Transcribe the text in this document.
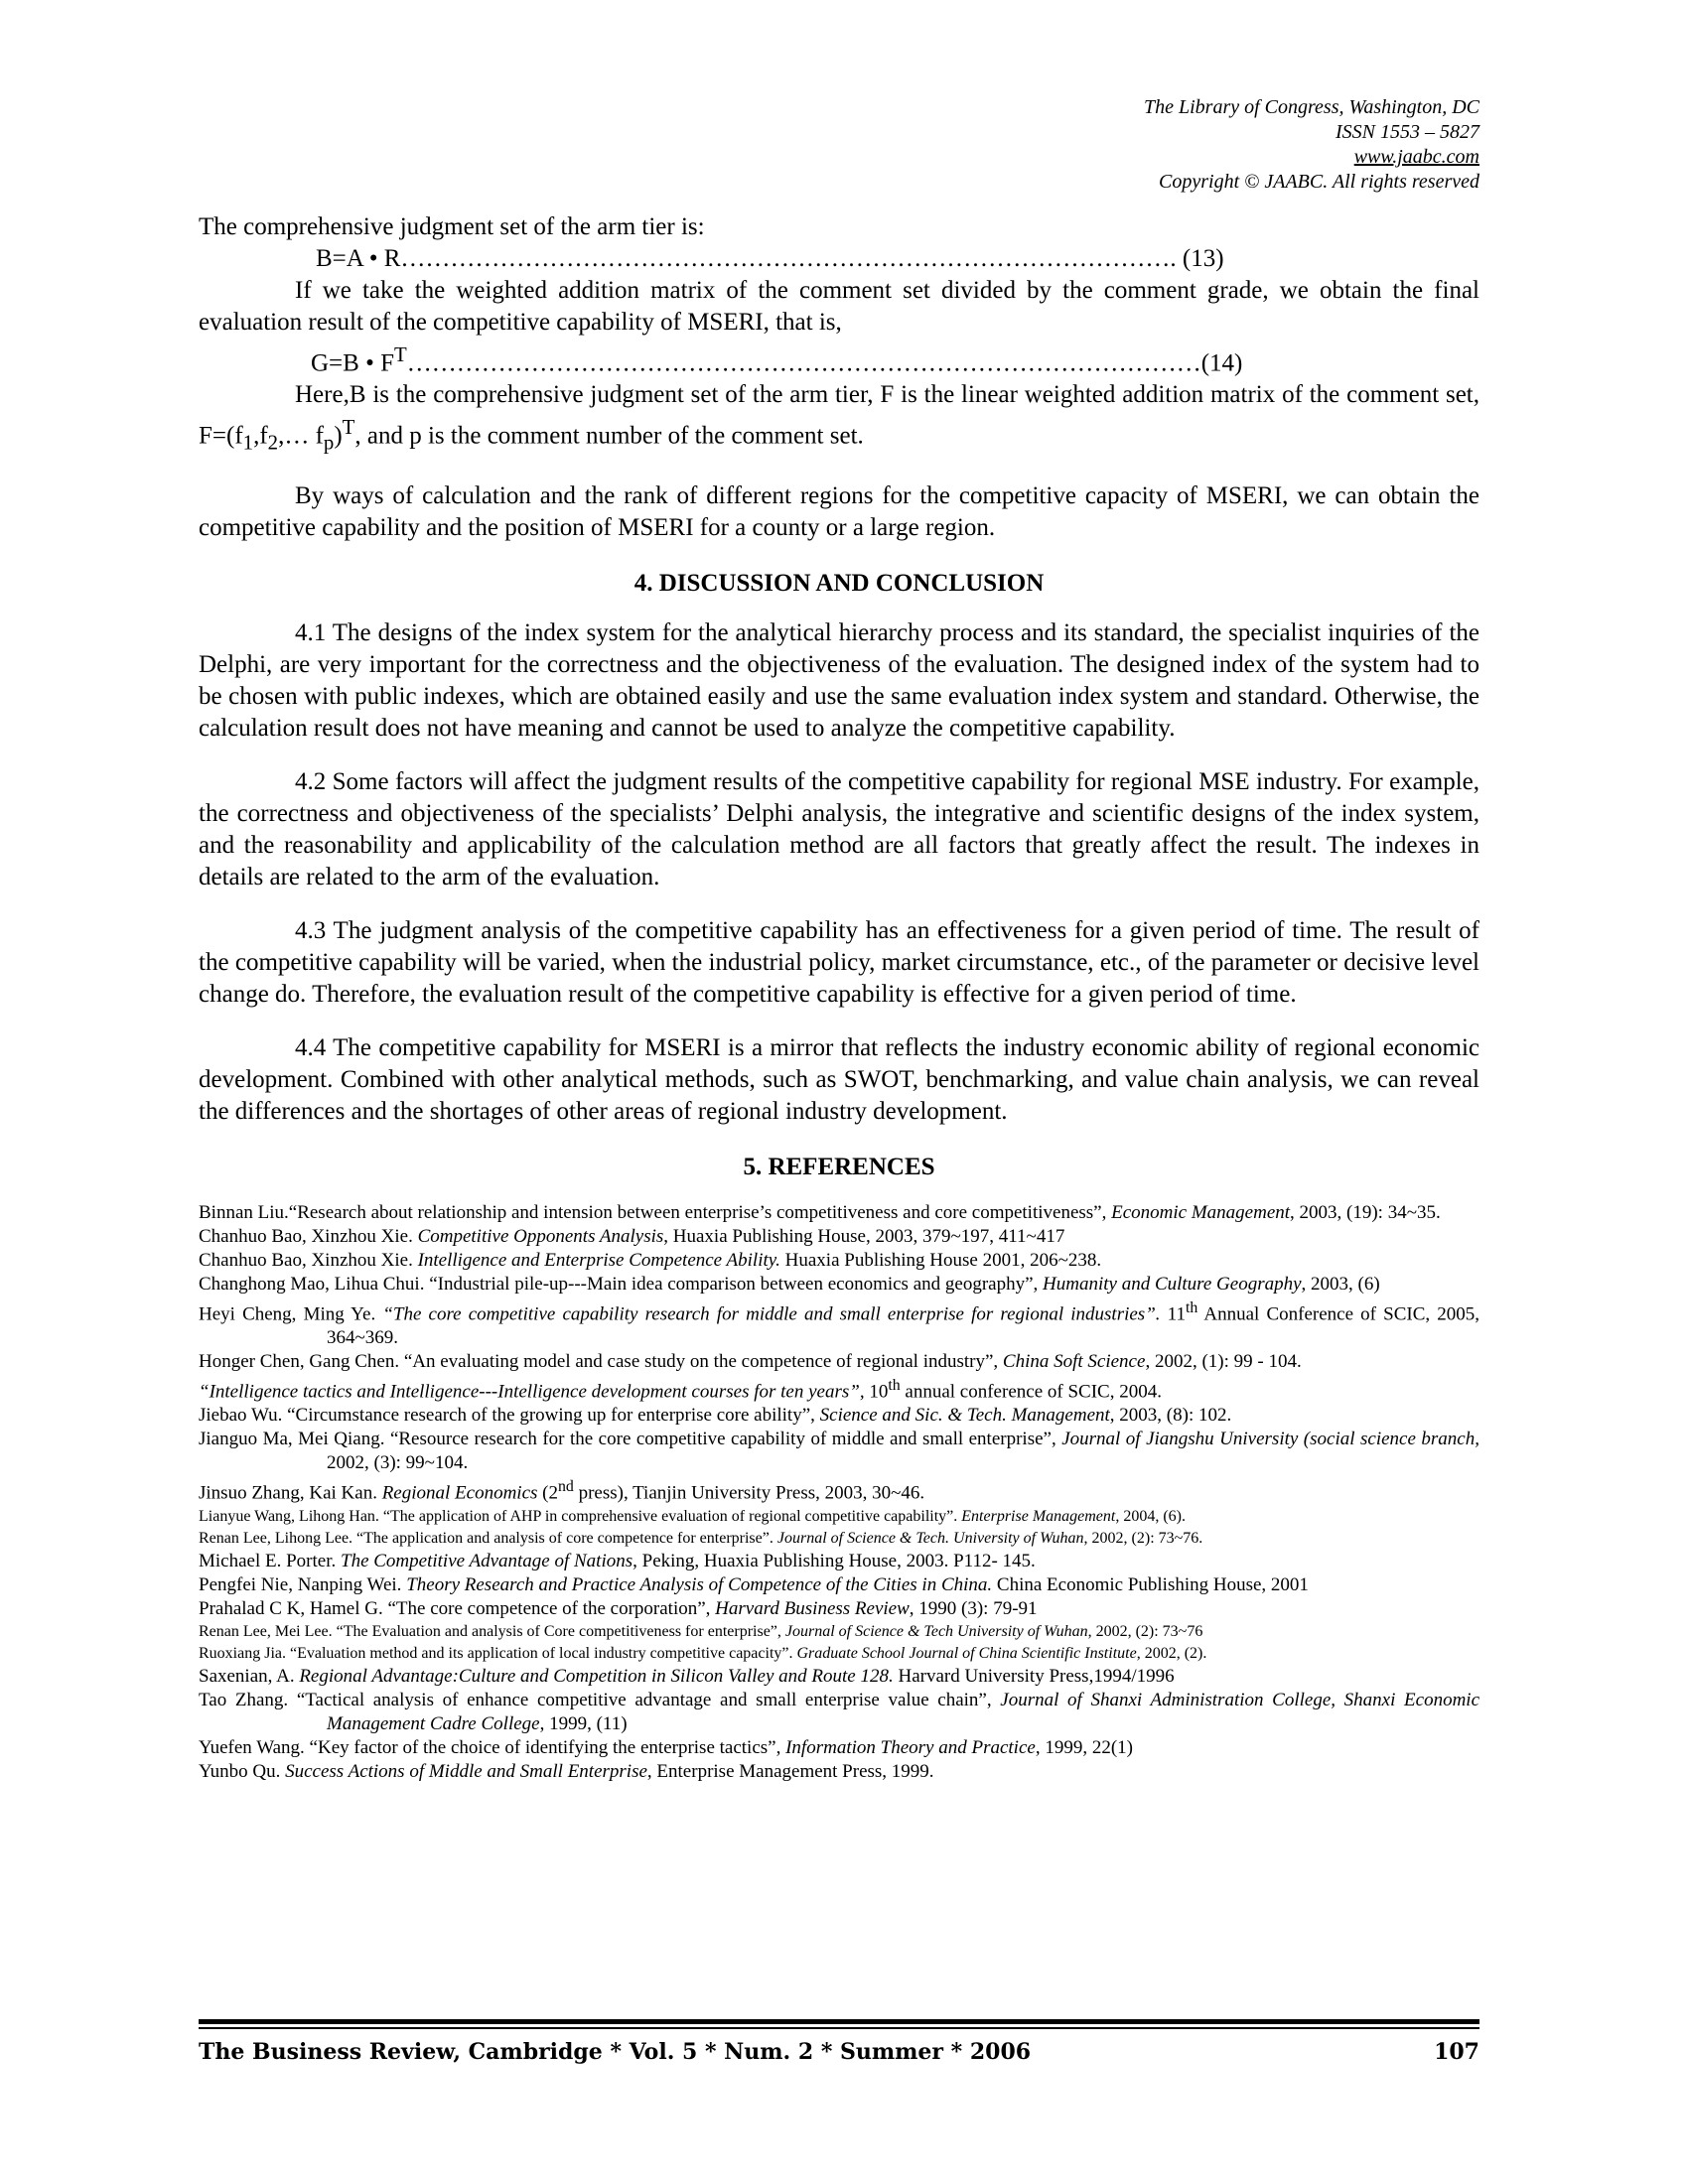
The Library of Congress, Washington, DC
ISSN 1553 – 5827
www.jaabc.com
Copyright © JAABC. All rights reserved

The comprehensive judgment set of the arm tier is:

B=A • R…………………………………………………………………………………. (13)

If we take the weighted addition matrix of the comment set divided by the comment grade, we obtain the final evaluation result of the competitive capability of MSERI, that is,

G=B • $F^T\dots\dots\dots\dots\dots\dots\dots\dots\dots\dots\dots\dots\dots\dots\dots\dots\dots\dots\dots\dots\dots\dots\dots\dots\dots\dots\dots\dots\dots\dots\dots\dots(14)$

Here,B is the comprehensive judgment set of the arm tier, F is the linear weighted addition matrix of the comment set, $F=(f_1,f_2,\dots$ $f_p)^T$, and p is the comment number of the comment set.

By ways of calculation and the rank of different regions for the competitive capacity of MSERI, we can obtain the competitive capability and the position of MSERI for a county or a large region.

4. DISCUSSION AND CONCLUSION

4.1 The designs of the index system for the analytical hierarchy process and its standard, the specialist inquiries of the Delphi, are very important for the correctness and the objectiveness of the evaluation. The designed index of the system had to be chosen with public indexes, which are obtained easily and use the same evaluation index system and standard. Otherwise, the calculation result does not have meaning and cannot be used to analyze the competitive capability.

4.2 Some factors will affect the judgment results of the competitive capability for regional MSE industry. For example, the correctness and objectiveness of the specialists’ Delphi analysis, the integrative and scientific designs of the index system, and the reasonability and applicability of the calculation method are all factors that greatly affect the result. The indexes in details are related to the arm of the evaluation.

4.3 The judgment analysis of the competitive capability has an effectiveness for a given period of time. The result of the competitive capability will be varied, when the industrial policy, market circumstance, etc., of the parameter or decisive level change do. Therefore, the evaluation result of the competitive capability is effective for a given period of time.

4.4 The competitive capability for MSERI is a mirror that reflects the industry economic ability of regional economic development. Combined with other analytical methods, such as SWOT, benchmarking, and value chain analysis, we can reveal the differences and the shortages of other areas of regional industry development.

5. REFERENCES

Binnan Liu.“Research about relationship and intension between enterprise’s competitiveness and core competitiveness”, Economic Management, 2003, (19): 34~35.

Chanhuo Bao, Xinzhou Xie. Competitive Opponents Analysis, Huaxia Publishing House, 2003, 379~197, 411~417

Chanhuo Bao, Xinzhou Xie. Intelligence and Enterprise Competence Ability. Huaxia Publishing House 2001, 206~238.

Changhong Mao, Lihua Chui. “Industrial pile-up---Main idea comparison between economics and geography”, Humanity and Culture Geography, 2003, (6)

Heyi Cheng, Ming Ye. “The core competitive capability research for middle and small enterprise for regional industries”. 11th Annual Conference of SCIC, 2005, 364~369.

Honger Chen, Gang Chen. “An evaluating model and case study on the competence of regional industry”, China Soft Science, 2002, (1): 99 - 104.

“Intelligence tactics and Intelligence---Intelligence development courses for ten years”, 10th annual conference of SCIC, 2004.

Jiebao Wu. “Circumstance research of the growing up for enterprise core ability”, Science and Sic. & Tech. Management, 2003, (8): 102.

Jianguo Ma, Mei Qiang. “Resource research for the core competitive capability of middle and small enterprise”, Journal of Jiangshu University (social science branch, 2002, (3): 99~104.

Jinsuo Zhang, Kai Kan. Regional Economics (2nd press), Tianjin University Press, 2003, 30~46.

Lianyue Wang, Lihong Han. “The application of AHP in comprehensive evaluation of regional competitive capability”. Enterprise Management, 2004, (6).

Renan Lee, Lihong Lee. “The application and analysis of core competence for enterprise”. Journal of Science & Tech. University of Wuhan, 2002, (2): 73~76.

Michael E. Porter. The Competitive Advantage of Nations, Peking, Huaxia Publishing House, 2003. P112- 145.

Pengfei Nie, Nanping Wei. Theory Research and Practice Analysis of Competence of the Cities in China. China Economic Publishing House, 2001

Prahalad C K, Hamel G. “The core competence of the corporation”, Harvard Business Review, 1990 (3): 79-91

Renan Lee, Mei Lee. “The Evaluation and analysis of Core competitiveness for enterprise”, Journal of Science & Tech University of Wuhan, 2002, (2): 73~76

Ruoxiang Jia. “Evaluation method and its application of local industry competitive capacity”. Graduate School Journal of China Scientific Institute, 2002, (2).

Saxenian, A. Regional Advantage:Culture and Competition in Silicon Valley and Route 128. Harvard University Press,1994/1996

Tao Zhang. “Tactical analysis of enhance competitive advantage and small enterprise value chain”, Journal of Shanxi Administration College, Shanxi Economic Management Cadre College, 1999, (11)

Yuefen Wang. “Key factor of the choice of identifying the enterprise tactics”, Information Theory and Practice, 1999, 22(1)

Yunbo Qu. Success Actions of Middle and Small Enterprise, Enterprise Management Press, 1999.

The Business Review, Cambridge * Vol. 5 * Num. 2 * Summer * 2006	107
